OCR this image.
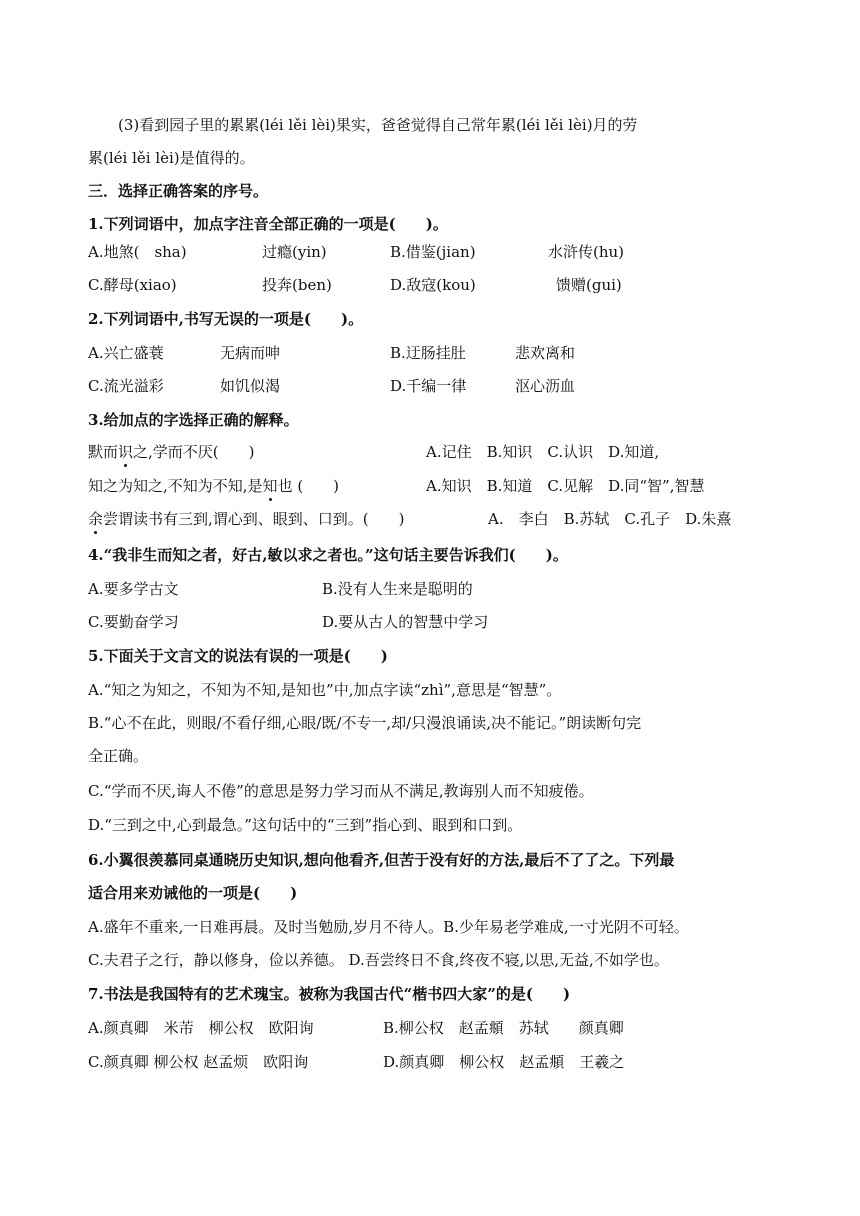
(3)看到园子里的累累(léi lěi lèi)果实，爸爸觉得自己常年累(léi lěi lèi)月的劳
累(léi lěi lèi)是值得的。
三．选择正确答案的序号。
1.下列词语中，加点字注音全部正确的一项是(　　)。
A.地煞(　sha)	过瘾(yin)	B.借鉴(jian)	水浒传(hu)
C.酵母(xiao)	投奔(ben)	D.敌寇(kou)	馈赠(gui)
2.下列词语中,书写无误的一项是(　　)。
A.兴亡盛蓑	无病而呻	B.迂肠挂肚	悲欢离和
C.流光溢彩	如饥似渴	D.千编一律	沤心沥血
3.给加点的字选择正确的解释。
默而识之,学而不厌(　　)	A.记住　B.知识　C.认识　D.知道,
知之为知之,不知为不知,是知也 (　　)	A.知识　B.知道　C.见解　D.同“智”,智慧
余尝谓读书有三到,谓心到、眼到、口到。(　　)	A.　李白　B.苏轼　C.孔子　D.朱熹
4.“我非生而知之者，好古,敏以求之者也。”这句话主要告诉我们(　　)。
A.要多学古文	B.没有人生来是聪明的
C.要勤奋学习	D.要从古人的智慧中学习
5.下面关于文言文的说法有误的一项是(　　)
A.“知之为知之，不知为不知,是知也”中,加点字读“zhì”,意思是“智慧”。
B.“心不在此，则眼/不看仔细,心眼/既/不专一,却/只漫浪诵读,决不能记。”朗读断句完
全正确。
C.“学而不厌,诲人不倦”的意思是努力学习而从不满足,教诲别人而不知疲倦。
D.“三到之中,心到最急。”这句话中的“三到”指心到、眼到和口到。
6.小翼很羡慕同桌通晓历史知识,想向他看齐,但苦于没有好的方法,最后不了了之。下列最
适合用来劝诫他的一项是(　　)
A.盛年不重来,一日难再晨。及时当勉励,岁月不待人。B.少年易老学难成,一寸光阴不可轻。
C.夫君子之行，静以修身，俭以养德。 D.吾尝终日不食,终夜不寝,以思,无益,不如学也。
7.书法是我国特有的艺术瑰宝。被称为我国古代“楷书四大家”的是(　　)
A.颜真卿　米芾　柳公权　欧阳询	B.柳公权　赵孟頫　苏轼　　颜真卿
C.颜真卿 柳公权 赵孟烦　欧阳询	D.颜真卿　柳公权　赵孟頫　王羲之
